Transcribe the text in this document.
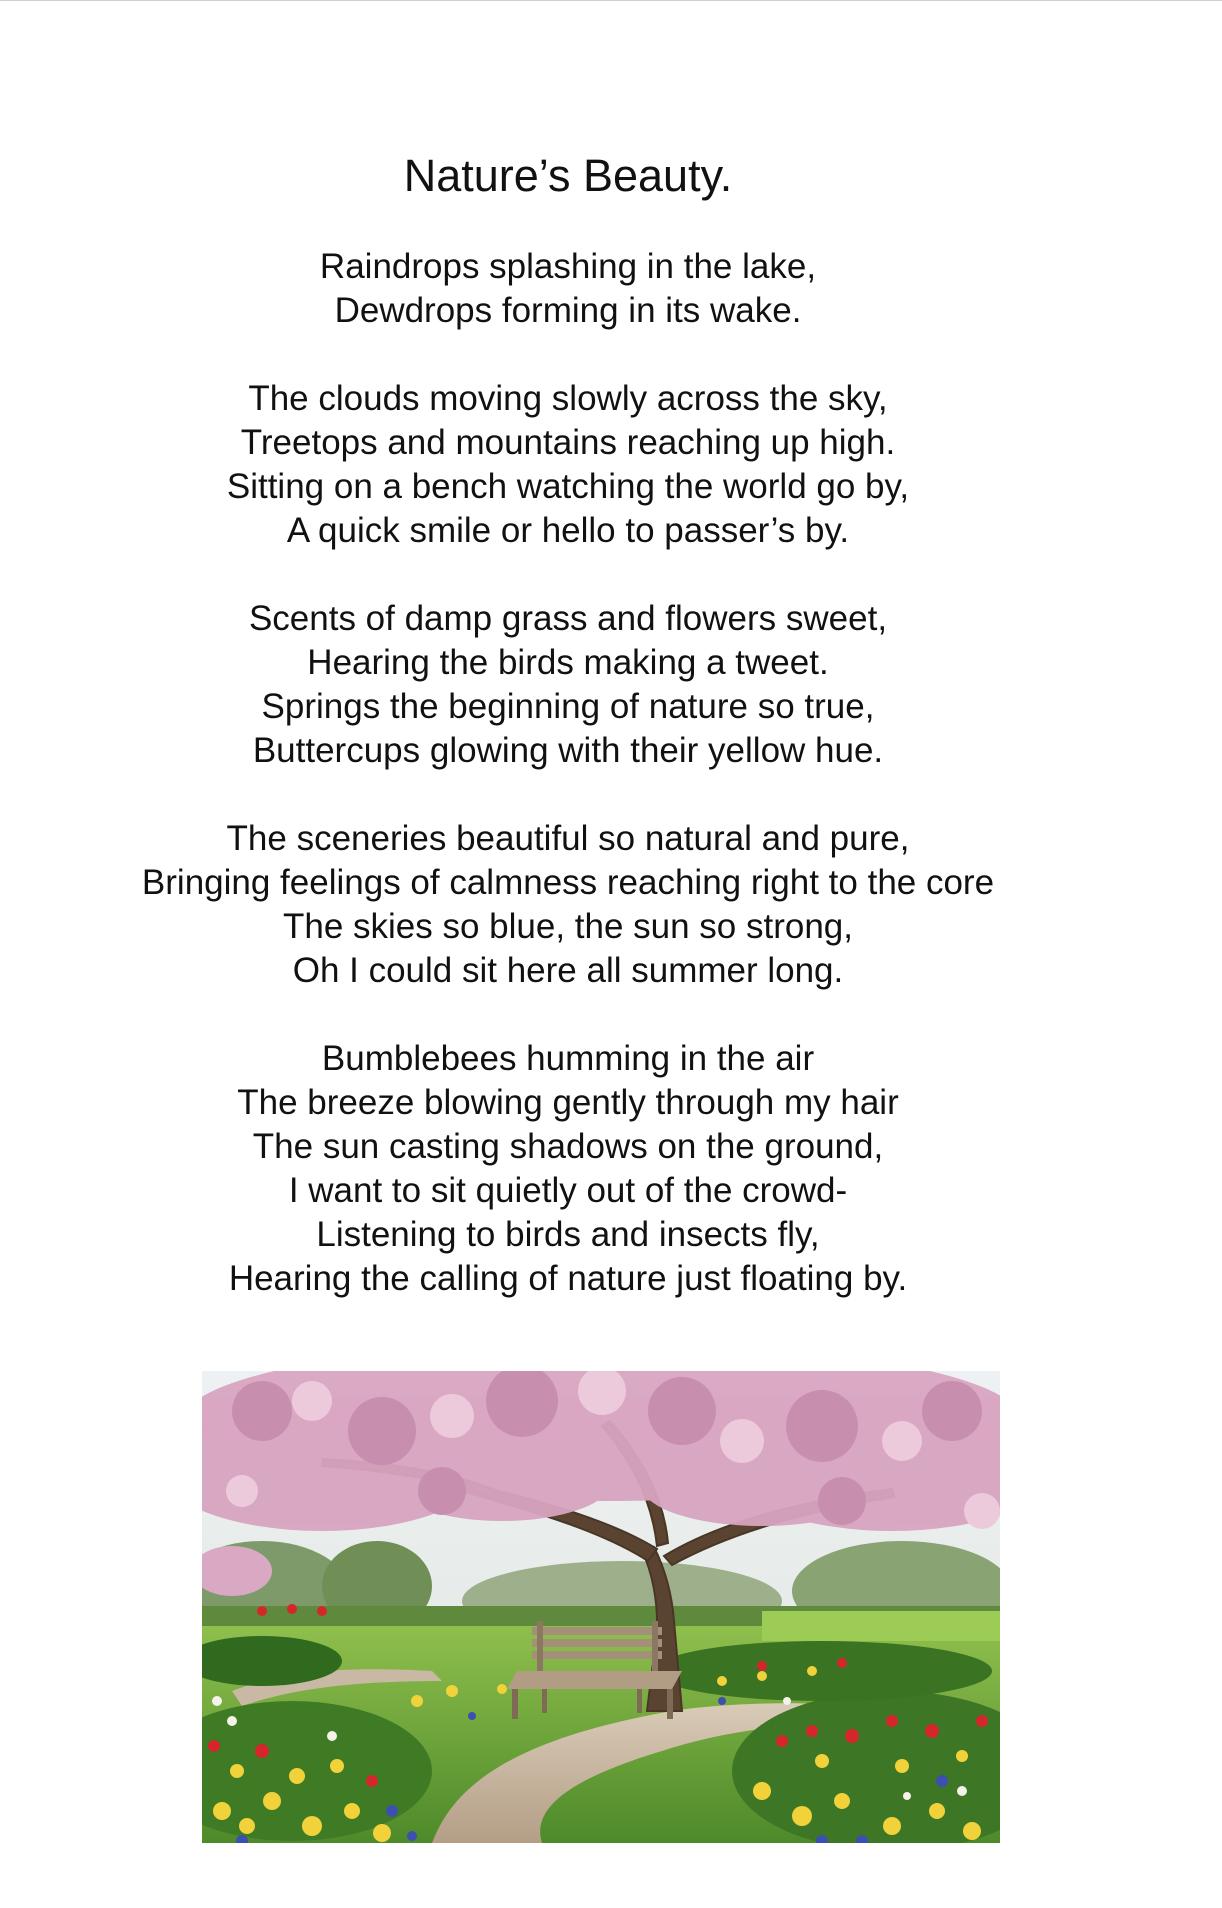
Nature’s Beauty.
Raindrops splashing in the lake,
Dewdrops forming in its wake.
The clouds moving slowly across the sky,
Treetops and mountains reaching up high.
Sitting on a bench watching the world go by,
A quick smile or hello to passer’s by.
Scents of damp grass and flowers sweet,
Hearing the birds making a tweet.
Springs the beginning of nature so true,
Buttercups glowing with their yellow hue.
The sceneries beautiful so natural and pure,
Bringing feelings of calmness reaching right to the core
The skies so blue, the sun so strong,
Oh I could sit here all summer long.
Bumblebees humming in the air
The breeze blowing gently through my hair
The sun casting shadows on the ground,
I want to sit quietly out of the crowd-
Listening to birds and insects fly,
Hearing the calling of nature just floating by.
